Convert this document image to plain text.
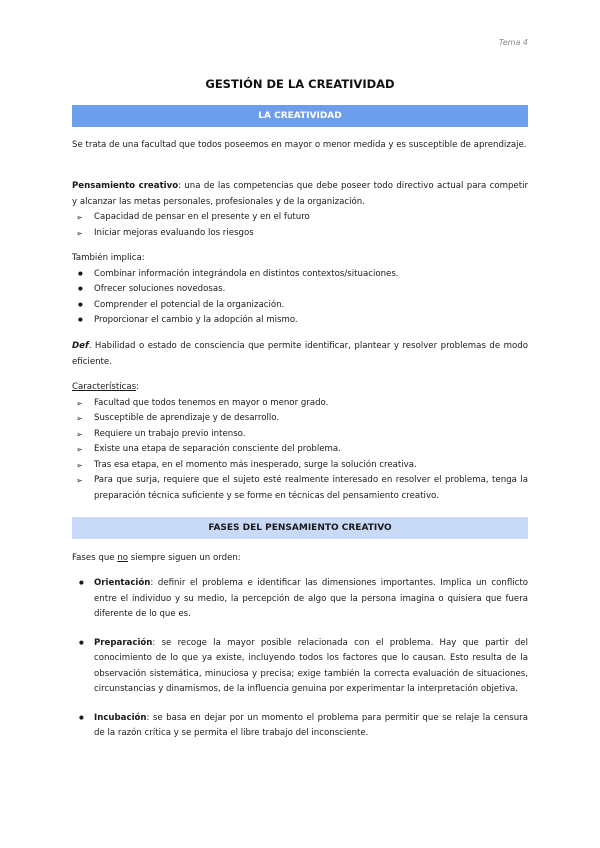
Tema 4
GESTIÓN DE LA CREATIVIDAD
LA CREATIVIDAD
Se trata de una facultad que todos poseemos en mayor o menor medida y es susceptible de aprendizaje.
Pensamiento creativo: una de las competencias que debe poseer todo directivo actual para competir y alcanzar las metas personales, profesionales y de la organización.
➢ Capacidad de pensar en el presente y en el futuro
➢ Iniciar mejoras evaluando los riesgos
También implica:
● Combinar información integrándola en distintos contextos/situaciones.
● Ofrecer soluciones novedosas.
● Comprender el potencial de la organización.
● Proporcionar el cambio y la adopción al mismo.
Def. Habilidad o estado de consciencia que permite identificar, plantear y resolver problemas de modo eficiente.
Características:
➢ Facultad que todos tenemos en mayor o menor grado.
➢ Susceptible de aprendizaje y de desarrollo.
➢ Requiere un trabajo previo intenso.
➢ Existe una etapa de separación consciente del problema.
➢ Tras esa etapa, en el momento más inesperado, surge la solución creativa.
➢ Para que surja, requiere que el sujeto esté realmente interesado en resolver el problema, tenga la preparación técnica suficiente y se forme en técnicas del pensamiento creativo.
FASES DEL PENSAMIENTO CREATIVO
Fases que no siempre siguen un orden:
● Orientación: definir el problema e identificar las dimensiones importantes. Implica un conflicto entre el individuo y su medio, la percepción de algo que la persona imagina o quisiera que fuera diferente de lo que es.
● Preparación: se recoge la mayor posible relacionada con el problema. Hay que partir del conocimiento de lo que ya existe, incluyendo todos los factores que lo causan. Esto resulta de la observación sistemática, minuciosa y precisa; exige también la correcta evaluación de situaciones, circunstancias y dinamismos, de la influencia genuina por experimentar la interpretación objetiva.
● Incubación: se basa en dejar por un momento el problema para permitir que se relaje la censura de la razón crítica y se permita el libre trabajo del inconsciente.
